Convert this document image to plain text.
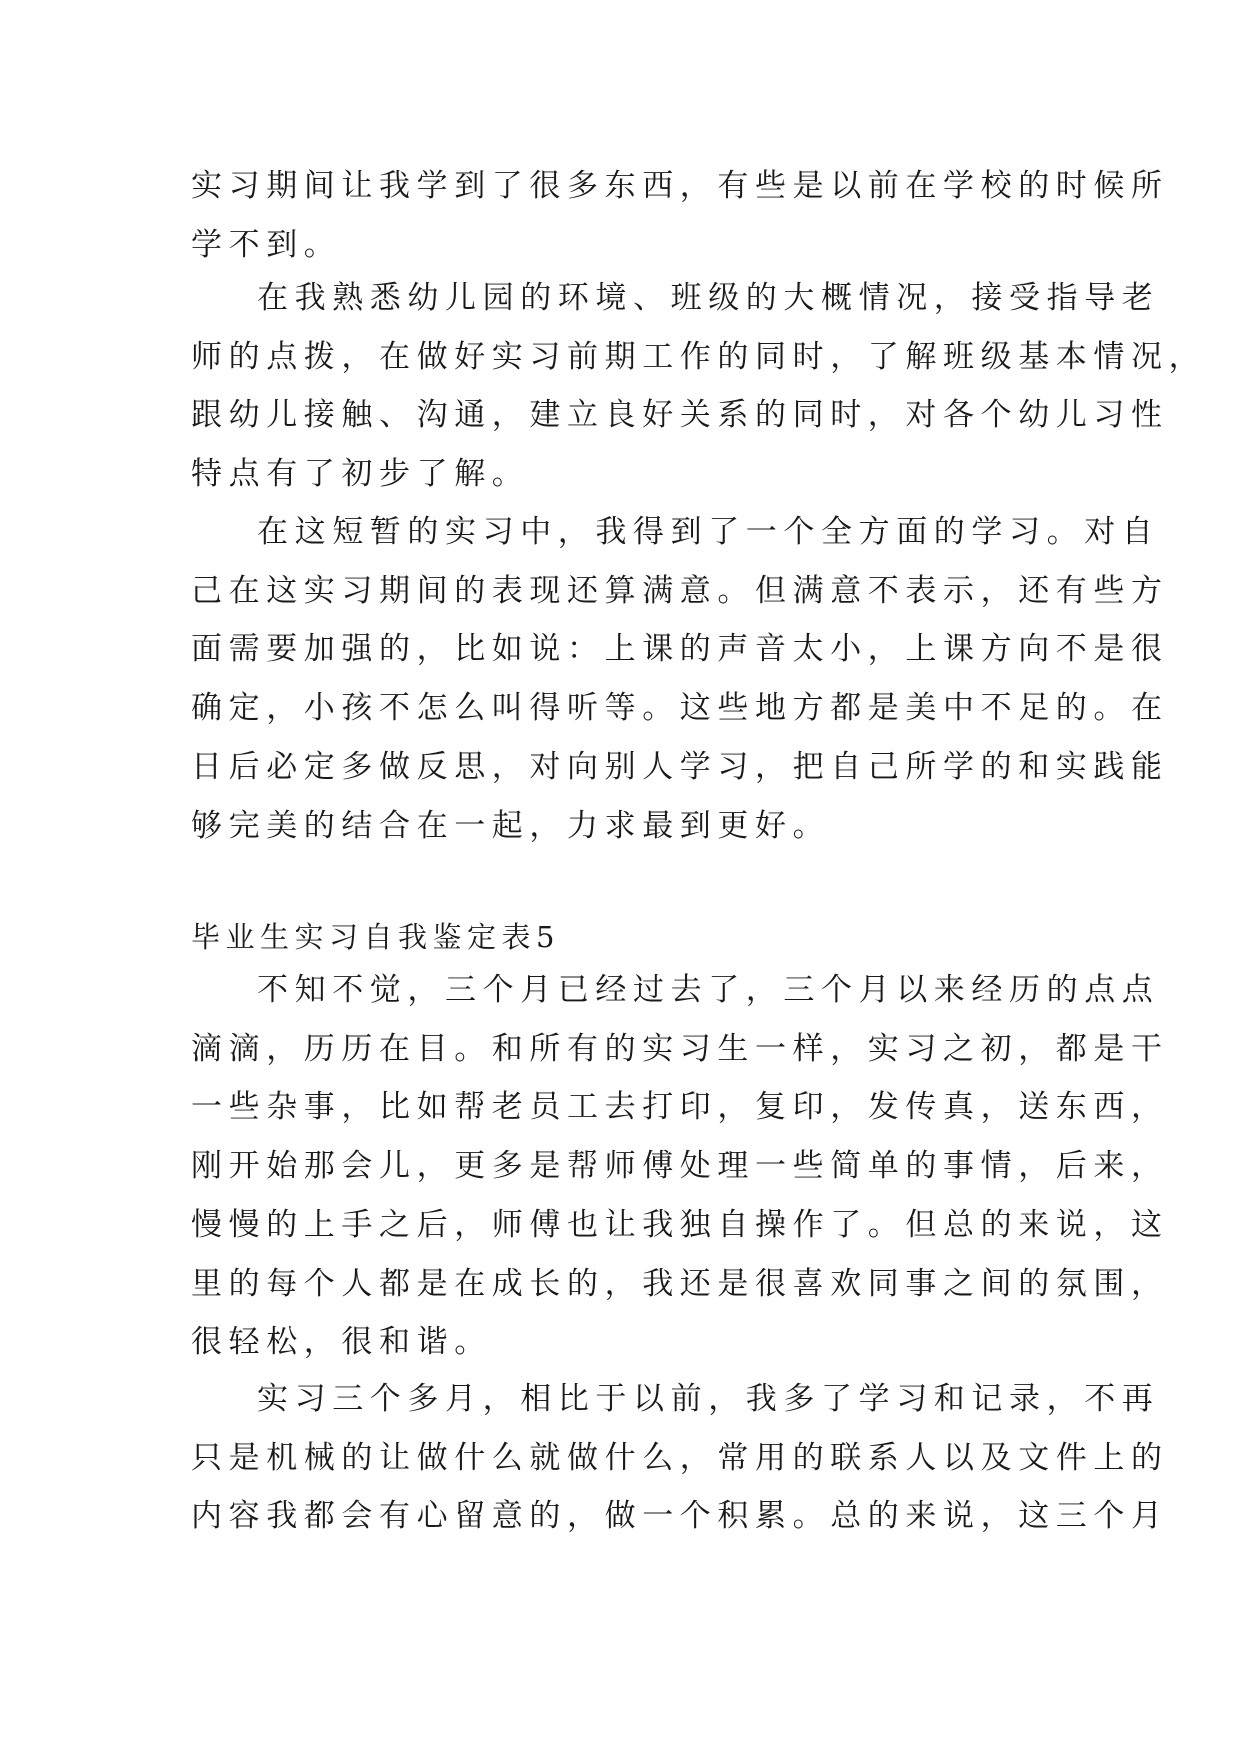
实习期间让我学到了很多东西，有些是以前在学校的时候所
学不到。
在我熟悉幼儿园的环境、班级的大概情况，接受指导老
师的点拨，在做好实习前期工作的同时，了解班级基本情况，
跟幼儿接触、沟通，建立良好关系的同时，对各个幼儿习性
特点有了初步了解。
在这短暂的实习中，我得到了一个全方面的学习。对自
己在这实习期间的表现还算满意。但满意不表示，还有些方
面需要加强的，比如说：上课的声音太小，上课方向不是很
确定，小孩不怎么叫得听等。这些地方都是美中不足的。在
日后必定多做反思，对向别人学习，把自己所学的和实践能
够完美的结合在一起，力求最到更好。
毕业生实习自我鉴定表5
不知不觉，三个月已经过去了，三个月以来经历的点点
滴滴，历历在目。和所有的实习生一样，实习之初，都是干
一些杂事，比如帮老员工去打印，复印，发传真，送东西，
刚开始那会儿，更多是帮师傅处理一些简单的事情，后来，
慢慢的上手之后，师傅也让我独自操作了。但总的来说，这
里的每个人都是在成长的，我还是很喜欢同事之间的氛围，
很轻松，很和谐。
实习三个多月，相比于以前，我多了学习和记录，不再
只是机械的让做什么就做什么，常用的联系人以及文件上的
内容我都会有心留意的，做一个积累。总的来说，这三个月
